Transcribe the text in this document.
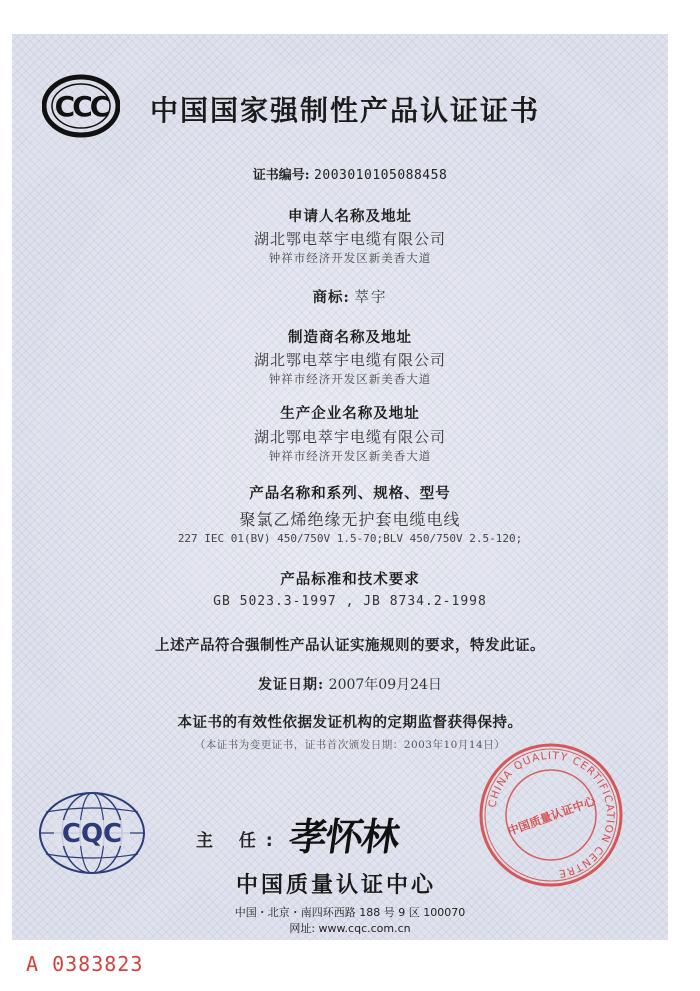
CCC 中国国家强制性产品认证证书
证书编号: 2003010105088458
申请人名称及地址
湖北鄂电萃宇电缆有限公司
钟祥市经济开发区新美香大道
商标: 萃宇
制造商名称及地址
湖北鄂电萃宇电缆有限公司
钟祥市经济开发区新美香大道
生产企业名称及地址
湖北鄂电萃宇电缆有限公司
钟祥市经济开发区新美香大道
产品名称和系列、规格、型号
聚氯乙烯绝缘无护套电缆电线
227 IEC 01(BV) 450/750V 1.5-70;BLV 450/750V 2.5-120;
产品标准和技术要求
GB 5023.3-1997 , JB 8734.2-1998
上述产品符合强制性产品认证实施规则的要求，特发此证。
发证日期: 2007年09月24日
本证书的有效性依据发证机构的定期监督获得保持。
（本证书为变更证书，证书首次颁发日期：2003年10月14日）
CQC	主 任: 孝怀林
中国质量认证中心
中国・北京・南四环西路 188 号 9 区 100070
网址: www.cqc.com.cn
A 0383823
CHINA QUALITY CERTIFICATION CENTRE
中国质量认证中心
